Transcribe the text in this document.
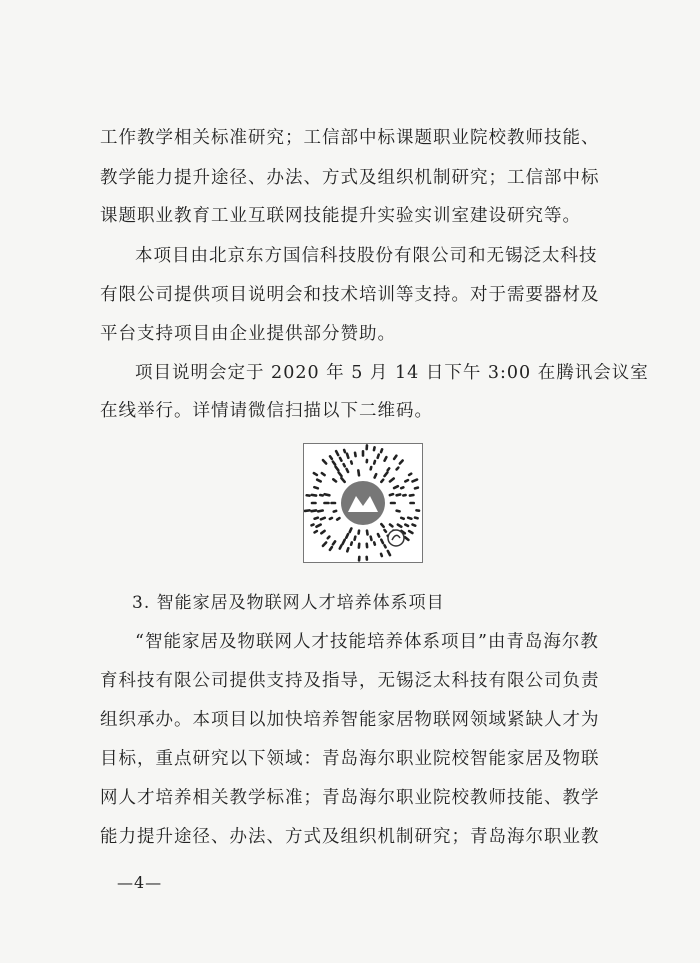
工作教学相关标准研究；工信部中标课题职业院校教师技能、
教学能力提升途径、办法、方式及组织机制研究；工信部中标
课题职业教育工业互联网技能提升实验实训室建设研究等。
本项目由北京东方国信科技股份有限公司和无锡泛太科技
有限公司提供项目说明会和技术培训等支持。对于需要器材及
平台支持项目由企业提供部分赞助。
项目说明会定于 2020 年 5 月 14 日下午 3:00 在腾讯会议室
在线举行。详情请微信扫描以下二维码。
3. 智能家居及物联网人才培养体系项目
“智能家居及物联网人才技能培养体系项目”由青岛海尔教
育科技有限公司提供支持及指导，无锡泛太科技有限公司负责
组织承办。本项目以加快培养智能家居物联网领域紧缺人才为
目标，重点研究以下领域：青岛海尔职业院校智能家居及物联
网人才培养相关教学标准；青岛海尔职业院校教师技能、教学
能力提升途径、办法、方式及组织机制研究；青岛海尔职业教
—4—
